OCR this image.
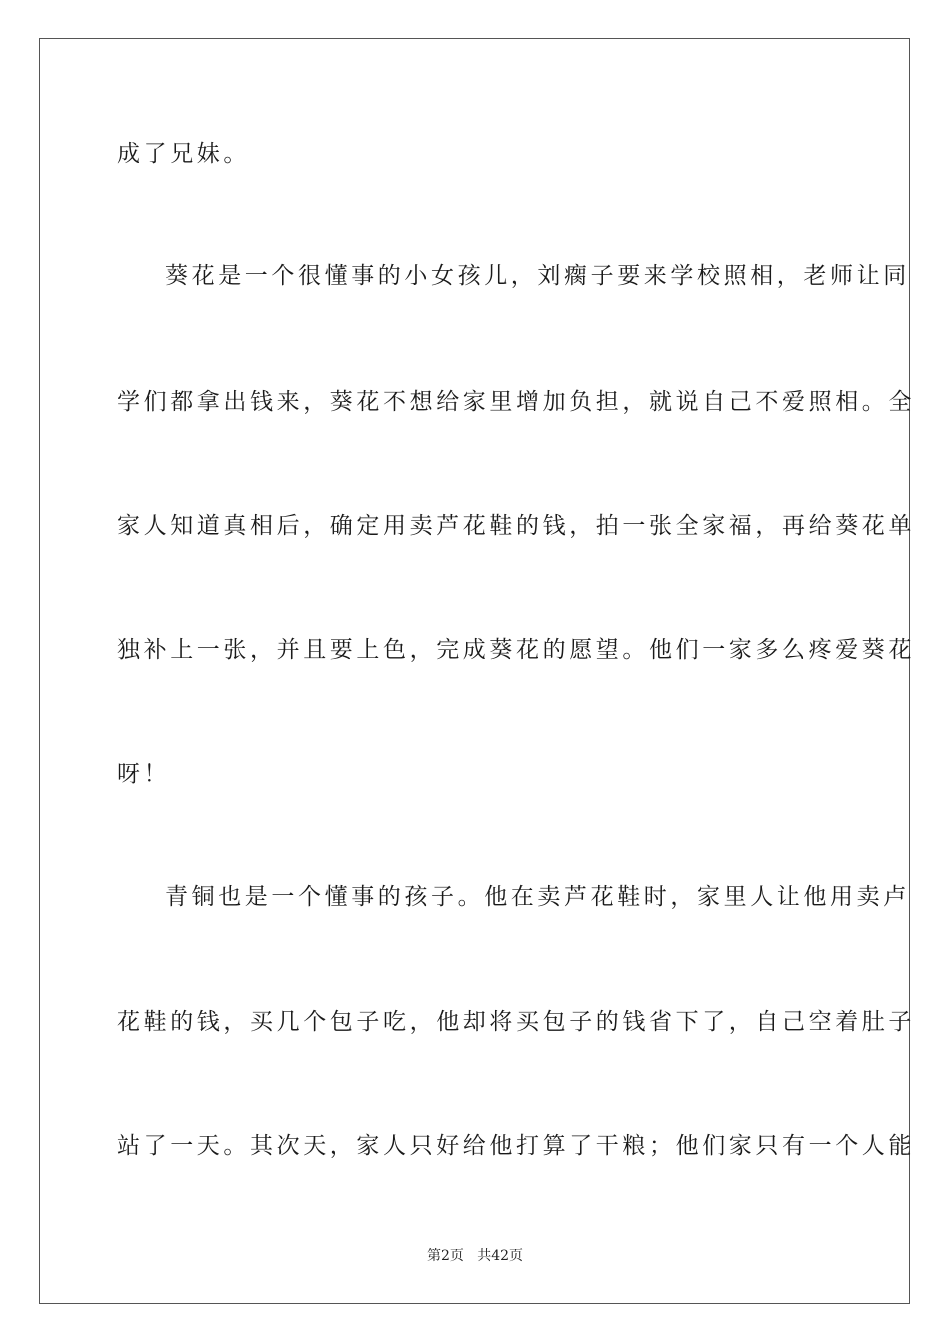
成了兄妹。
葵花是一个很懂事的小女孩儿，刘瘸子要来学校照相，老师让同
学们都拿出钱来，葵花不想给家里增加负担，就说自己不爱照相。全
家人知道真相后，确定用卖芦花鞋的钱，拍一张全家福，再给葵花单
独补上一张，并且要上色，完成葵花的愿望。他们一家多么疼爱葵花
呀！
青铜也是一个懂事的孩子。他在卖芦花鞋时，家里人让他用卖卢
花鞋的钱，买几个包子吃，他却将买包子的钱省下了，自己空着肚子
站了一天。其次天，家人只好给他打算了干粮；他们家只有一个人能
第2页   共42页
